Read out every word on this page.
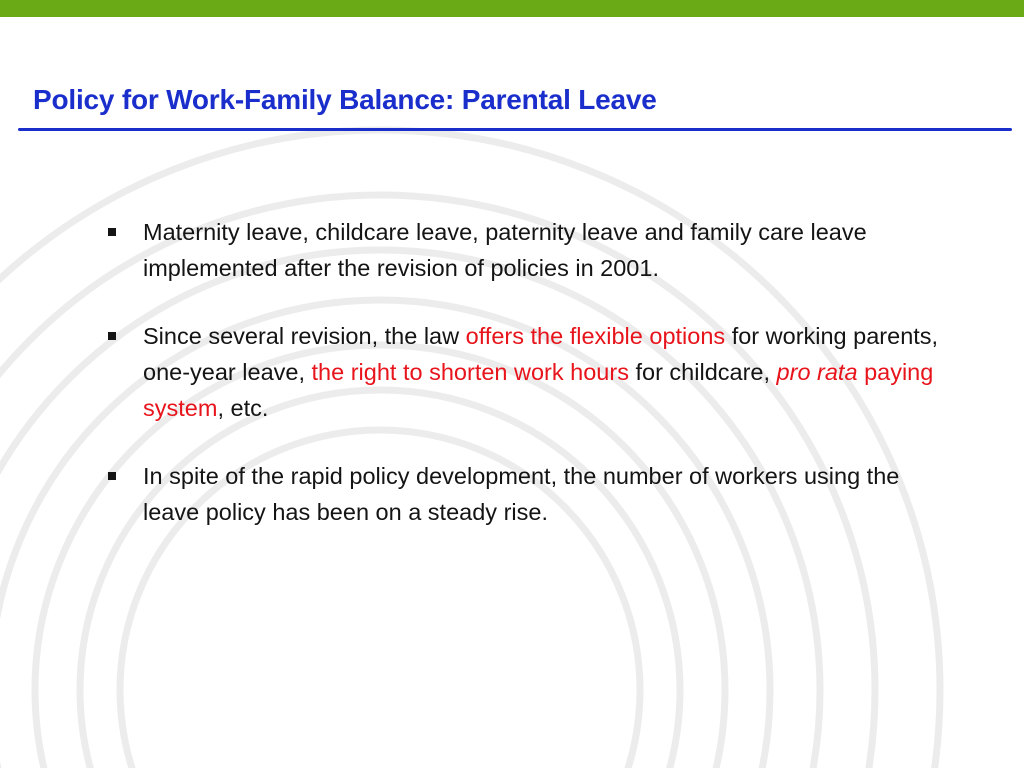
Policy for Work-Family Balance: Parental Leave
Maternity leave, childcare leave, paternity leave and family care leave implemented after the revision of policies in 2001.
Since several revision, the law offers the flexible options for working parents, one-year leave, the right to shorten work hours for childcare, pro rata paying system, etc.
In spite of the rapid policy development, the number of workers using the leave policy has been on a steady rise.
